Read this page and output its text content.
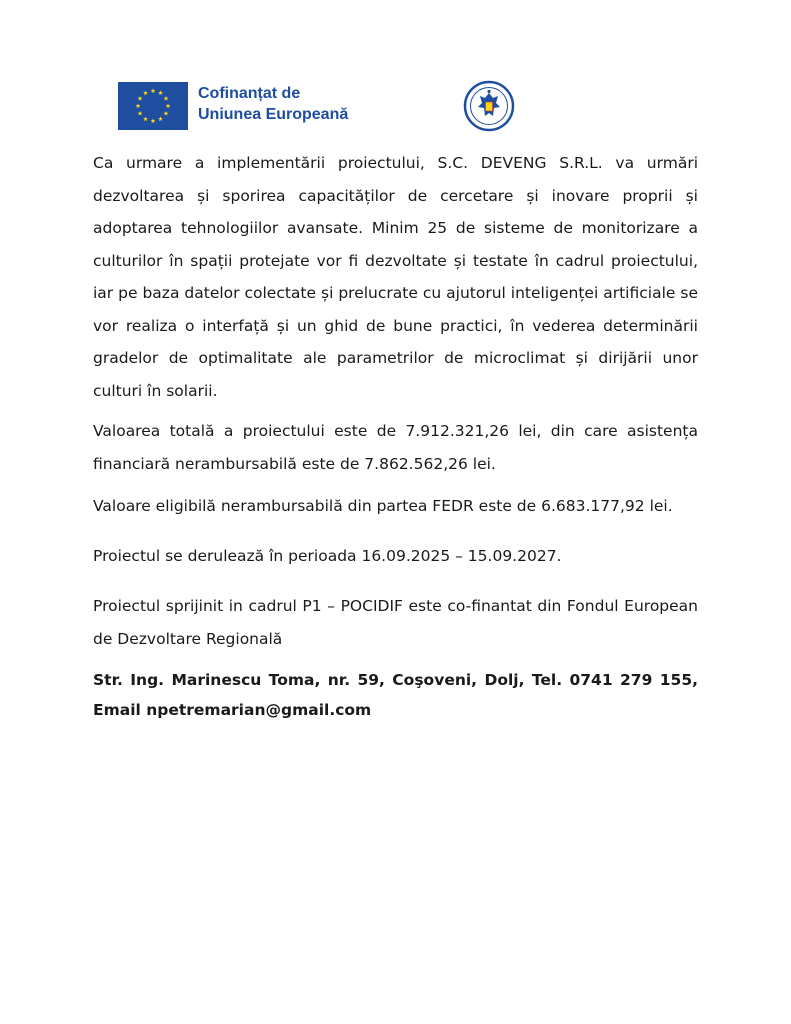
Cofinanțat de
Uniunea Europeană

Ca urmare a implementării proiectului, S.C. DEVENG S.R.L. va urmări dezvoltarea și sporirea capacităților de cercetare și inovare proprii și adoptarea tehnologiilor avansate. Minim 25 de sisteme de monitorizare a culturilor în spații protejate vor fi dezvoltate și testate în cadrul proiectului, iar pe baza datelor colectate și prelucrate cu ajutorul inteligenței artificiale se vor realiza o interfață și un ghid de bune practici, în vederea determinării gradelor de optimalitate ale parametrilor de microclimat și dirijării unor culturi în solarii.

Valoarea totală a proiectului este de 7.912.321,26 lei, din care asistența financiară nerambursabilă este de 7.862.562,26 lei.

Valoare eligibilă nerambursabilă din partea FEDR este de 6.683.177,92 lei.

Proiectul se derulează în perioada 16.09.2025 – 15.09.2027.

Proiectul sprijinit in cadrul P1 – POCIDIF este co-finantat din Fondul European de Dezvoltare Regională

Str. Ing. Marinescu Toma, nr. 59, Coşoveni, Dolj, Tel. 0741 279 155, Email npetremarian@gmail.com
